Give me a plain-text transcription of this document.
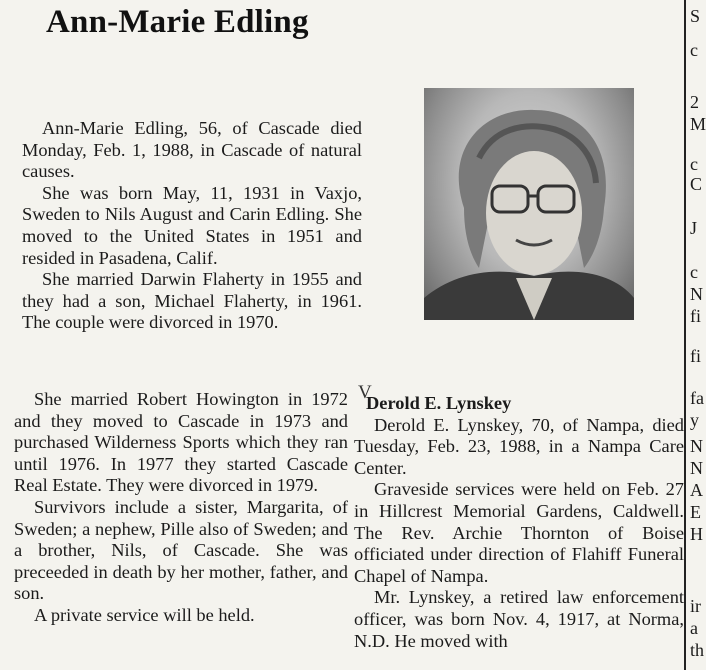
Ann-Marie Edling

Ann-Marie Edling, 56, of Cascade died Monday, Feb. 1, 1988, in Cascade of natural causes.

She was born May, 11, 1931 in Vaxjo, Sweden to Nils August and Carin Edling. She moved to the United States in 1951 and resided in Pasadena, Calif.

She married Darwin Flaherty in 1955 and they had a son, Michael Flaherty, in 1961. The couple were divorced in 1970.

She married Robert Howington in 1972 and they moved to Cascade in 1973 and purchased Wilderness Sports which they ran until 1976. In 1977 they started Cascade Real Estate. They were divorced in 1979.

Survivors include a sister, Margarita, of Sweden; a nephew, Pille also of Sweden; and a brother, Nils, of Cascade. She was preceeded in death by her mother, father, and son.

A private service will be held.

V

Derold E. Lynskey

Derold E. Lynskey, 70, of Nampa, died Tuesday, Feb. 23, 1988, in a Nampa Care Center.

Graveside services were held on Feb. 27 in Hillcrest Memorial Gardens, Caldwell. The Rev. Archie Thornton of Boise officiated under direction of Flahiff Funeral Chapel of Nampa.

Mr. Lynskey, a retired law enforcement officer, was born Nov. 4, 1917, at Norma, N.D. He moved with

S
c
2
M
c
C
J
c
N
fi
fi
fa
y
N
N
A
E
H
ir
a
th
